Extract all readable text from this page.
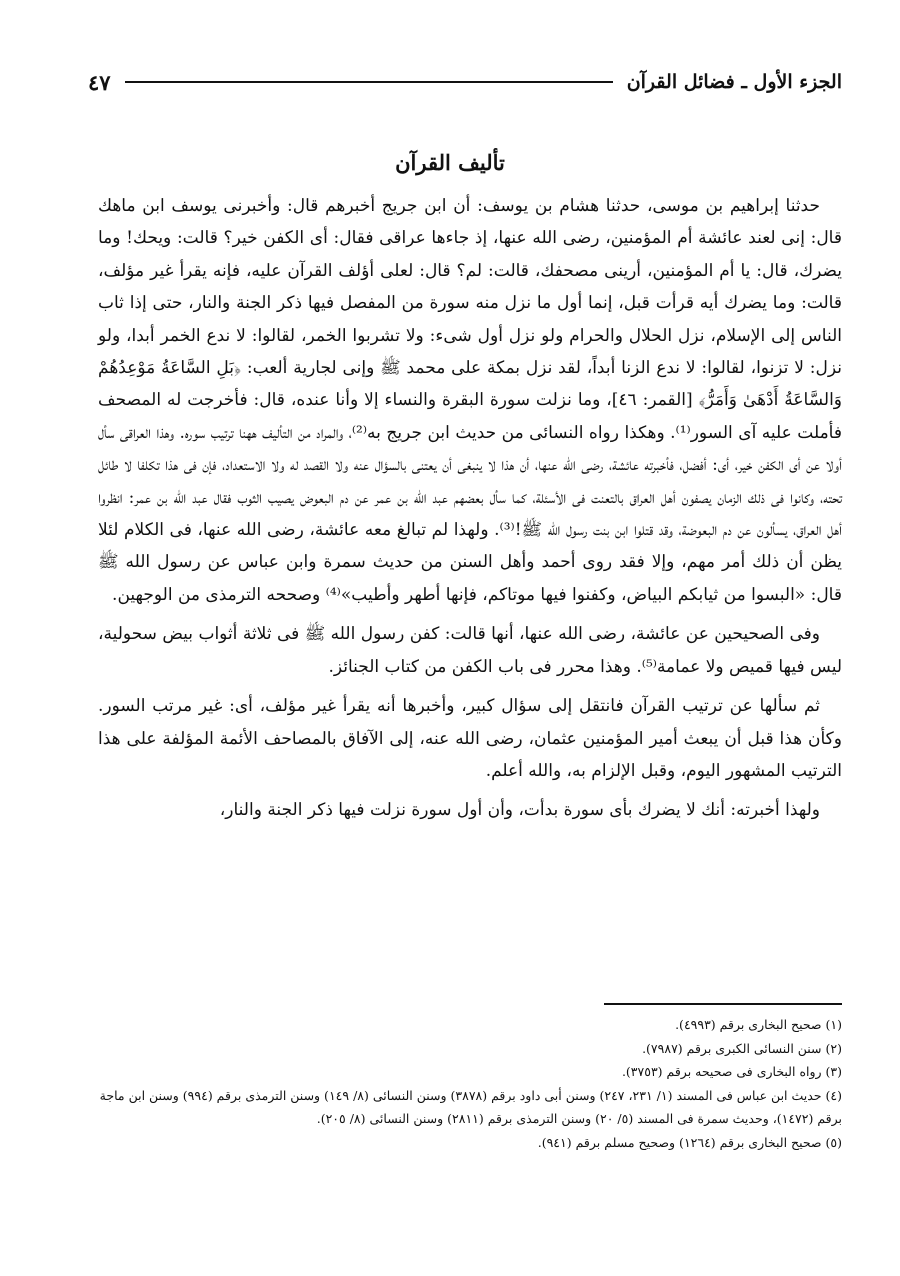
الجزء الأول ـ فضائل القرآن
٤٧
تأليف القرآن

حدثنا إبراهيم بن موسى، حدثنا هشام بن يوسف: أن ابن جريج أخبرهم قال: وأخبرنى يوسف ابن ماهك قال: إنى لعند عائشة أم المؤمنين، رضى الله عنها، إذ جاءها عراقى فقال: أى الكفن خير؟ قالت: ويحك! وما يضرك، قال: يا أم المؤمنين، أرينى مصحفك، قالت: لم؟ قال: لعلى أؤلف القرآن عليه، فإنه يقرأ غير مؤلف، قالت: وما يضرك أيه قرأت قبل، إنما أول ما نزل منه سورة من المفصل فيها ذكر الجنة والنار، حتى إذا ثاب الناس إلى الإسلام، نزل الحلال والحرام ولو نزل أول شىء: ولا تشربوا الخمر، لقالوا: لا ندع الخمر أبدا، ولو نزل: لا تزنوا، لقالوا: لا ندع الزنا أبداً، لقد نزل بمكة على محمد ﷺ وإنى لجارية ألعب: ﴿بَلِ السَّاعَةُ مَوْعِدُهُمْ وَالسَّاعَةُ أَدْهَىٰ وَأَمَرُّ﴾ [القمر: ٤٦]، وما نزلت سورة البقرة والنساء إلا وأنا عنده، قال: فأخرجت له المصحف فأملت عليه آى السور⁽¹⁾. وهكذا رواه النسائى من حديث ابن جريج به⁽²⁾، والمراد من التأليف ههنا ترتيب سوره. وهذا العراقى سأل أولا عن أى الكفن خير، أى: أفضل، فأخبرته عائشة، رضى الله عنها، أن هذا لا ينبغى أن يعتنى بالسؤال عنه ولا القصد له ولا الاستعداد، فإن فى هذا تكلفا لا طائل تحته، وكانوا فى ذلك الزمان يصفون أهل العراق بالتعنت فى الأسئلة، كما سأل بعضهم عبد الله بن عمر عن دم البعوض يصيب الثوب فقال عبد الله بن عمر: انظروا أهل العراق، يسألون عن دم البعوضة، وقد قتلوا ابن بنت رسول الله ﷺ!⁽³⁾. ولهذا لم تبالغ معه عائشة، رضى الله عنها، فى الكلام لئلا يظن أن ذلك أمر مهم، وإلا فقد روى أحمد وأهل السنن من حديث سمرة وابن عباس عن رسول الله ﷺ قال: «البسوا من ثيابكم البياض، وكفنوا فيها موتاكم، فإنها أطهر وأطيب»⁽⁴⁾ وصححه الترمذى من الوجهين.

وفى الصحيحين عن عائشة، رضى الله عنها، أنها قالت: كفن رسول الله ﷺ فى ثلاثة أثواب بيض سحولية، ليس فيها قميص ولا عمامة⁽⁵⁾. وهذا محرر فى باب الكفن من كتاب الجنائز.

ثم سألها عن ترتيب القرآن فانتقل إلى سؤال كبير، وأخبرها أنه يقرأ غير مؤلف، أى: غير مرتب السور. وكأن هذا قبل أن يبعث أمير المؤمنين عثمان، رضى الله عنه، إلى الآفاق بالمصاحف الأئمة المؤلفة على هذا الترتيب المشهور اليوم، وقبل الإلزام به، والله أعلم.

ولهذا أخبرته: أنك لا يضرك بأى سورة بدأت، وأن أول سورة نزلت فيها ذكر الجنة والنار،

(١) صحيح البخارى برقم (٤٩٩٣).
(٢) سنن النسائى الكبرى برقم (٧٩٨٧).
(٣) رواه البخارى فى صحيحه برقم (٣٧٥٣).
(٤) حديث ابن عباس فى المسند (١/ ٢٣١، ٢٤٧) وسنن أبى داود برقم (٣٨٧٨) وسنن النسائى (٨/ ١٤٩) وسنن الترمذى برقم (٩٩٤) وسنن ابن ماجة برقم (١٤٧٢)، وحديث سمرة فى المسند (٥/ ٢٠) وسنن الترمذى برقم (٢٨١١) وسنن النسائى (٨/ ٢٠٥).
(٥) صحيح البخارى برقم (١٢٦٤) وصحيح مسلم برقم (٩٤١).
